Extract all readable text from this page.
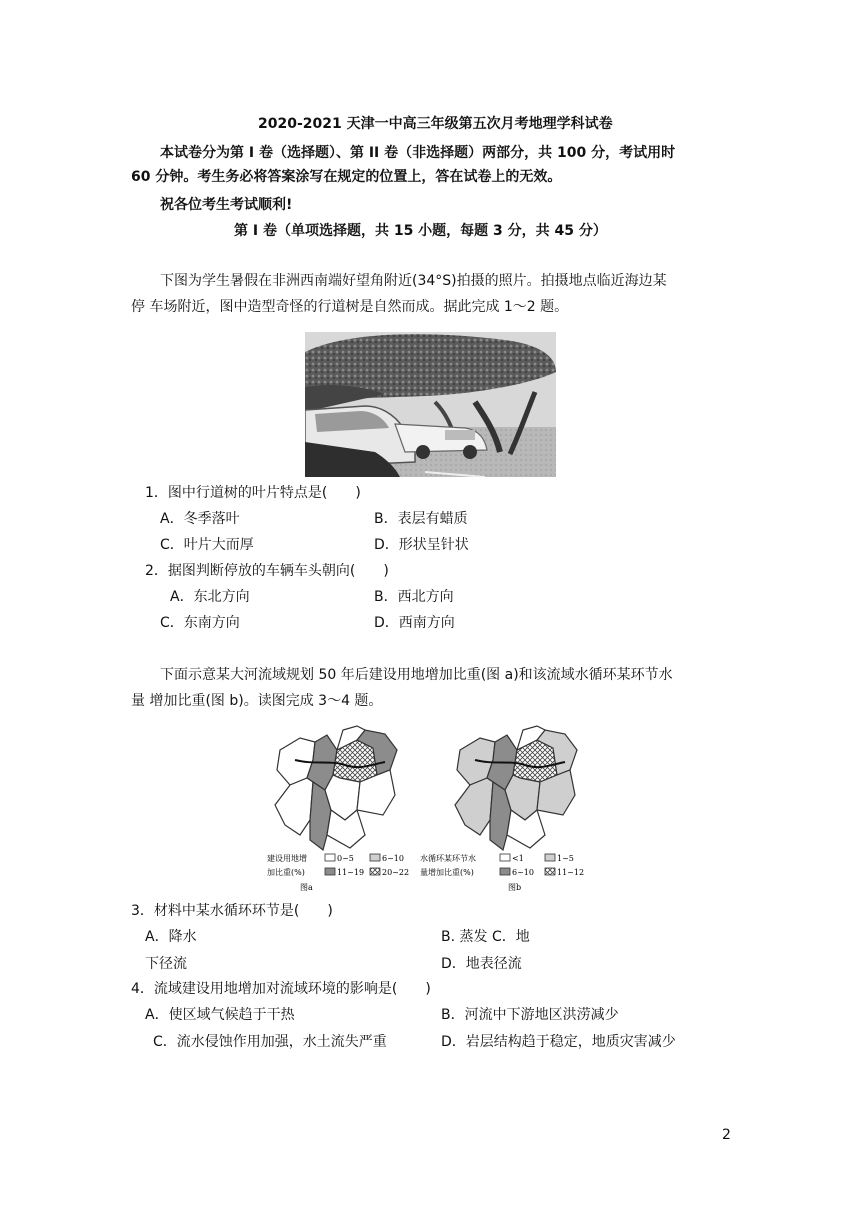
2020-2021 天津一中高三年级第五次月考地理学科试卷
本试卷分为第 I 卷（选择题）、第 II 卷（非选择题）两部分，共 100 分，考试用时
60 分钟。考生务必将答案涂写在规定的位置上，答在试卷上的无效。
祝各位考生考试顺利!
第 I 卷（单项选择题，共 15 小题，每题 3 分，共 45 分）
下图为学生暑假在非洲西南端好望角附近(34°S)拍摄的照片。拍摄地点临近海边某
停 车场附近，图中造型奇怪的行道树是自然而成。据此完成 1～2 题。
1．图中行道树的叶片特点是(　　)
A．冬季落叶	B．表层有蜡质
C．叶片大而厚	D．形状呈针状
2．据图判断停放的车辆车头朝向(　　)
A．东北方向	B．西北方向
C．东南方向	D．西南方向
下面示意某大河流域规划 50 年后建设用地增加比重(图 a)和该流域水循环某环节水
量 增加比重(图 b)。读图完成 3～4 题。
建设用地增
加比重(%)
0~5	6~10
11~19 20~22
图a
水循环某环节水
量增加比重(%)
<1	1~5
6~10	11~12
图b
3．材料中某水循环环节是(　　)
A．降水	B. 蒸发 C．地
下径流	D．地表径流
4．流域建设用地增加对流域环境的影响是(　　)
A．使区域气候趋于干热	B．河流中下游地区洪涝减少
C．流水侵蚀作用加强，水土流失严重	D．岩层结构趋于稳定，地质灾害减少
2
